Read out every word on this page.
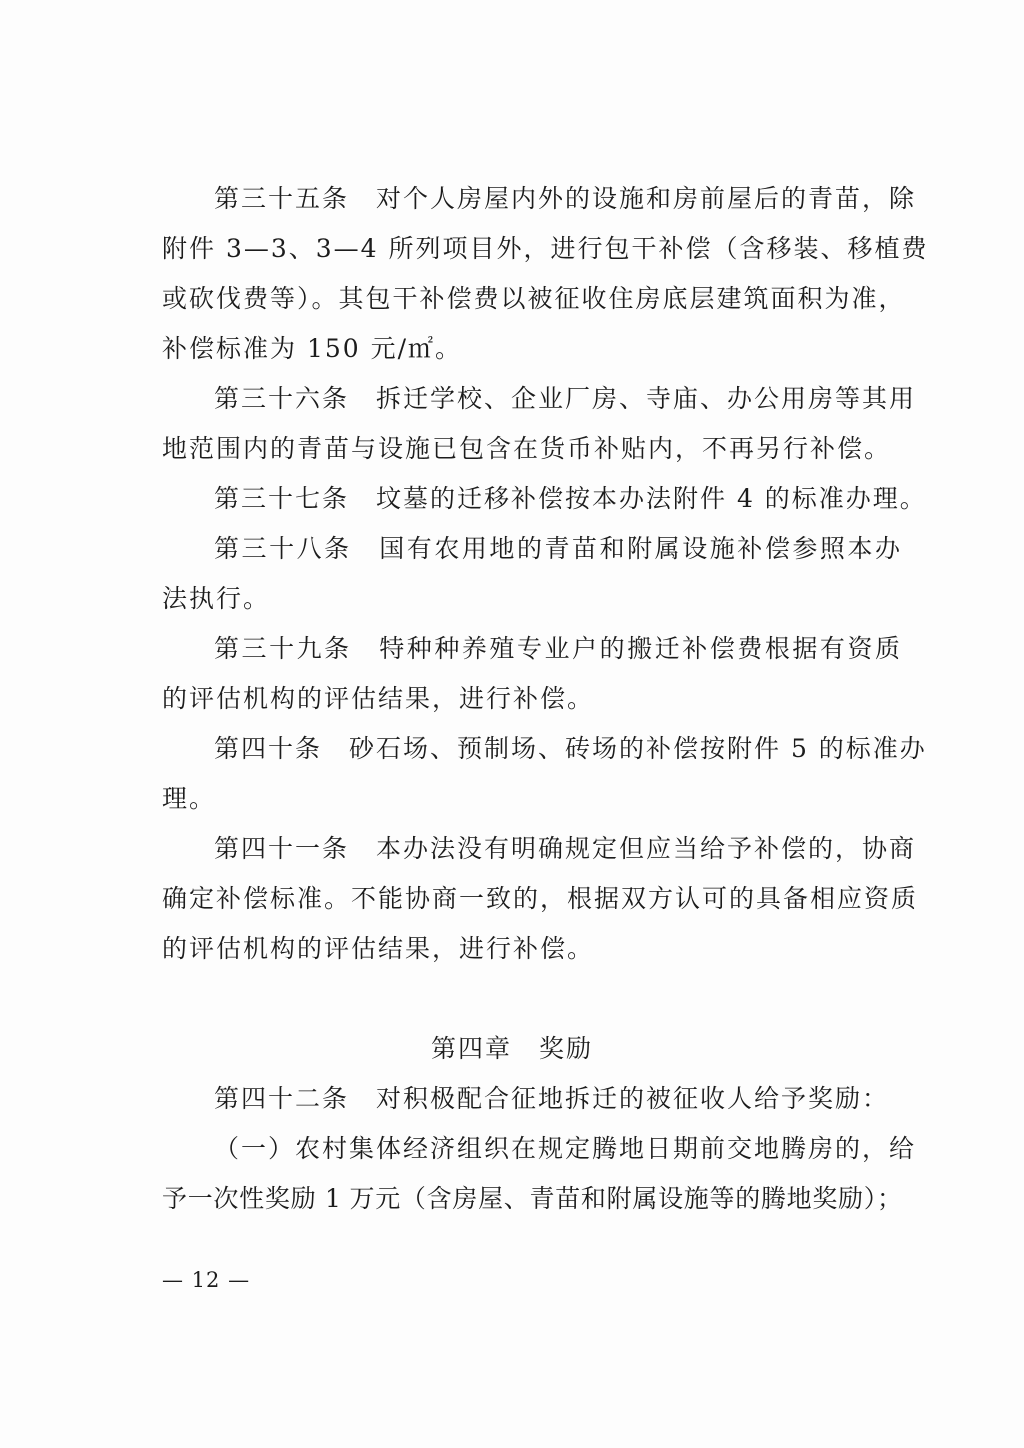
第三十五条　对个人房屋内外的设施和房前屋后的青苗，除
附件 3—3、3—4 所列项目外，进行包干补偿（含移装、移植费
或砍伐费等）。其包干补偿费以被征收住房底层建筑面积为准，
补偿标准为 150 元/㎡。
第三十六条　拆迁学校、企业厂房、寺庙、办公用房等其用
地范围内的青苗与设施已包含在货币补贴内，不再另行补偿。
第三十七条　坟墓的迁移补偿按本办法附件 4 的标准办理。
第三十八条　国有农用地的青苗和附属设施补偿参照本办
法执行。
第三十九条　特种种养殖专业户的搬迁补偿费根据有资质
的评估机构的评估结果，进行补偿。
第四十条　砂石场、预制场、砖场的补偿按附件 5 的标准办
理。
第四十一条　本办法没有明确规定但应当给予补偿的，协商
确定补偿标准。不能协商一致的，根据双方认可的具备相应资质
的评估机构的评估结果，进行补偿。
第四章　奖励
第四十二条　对积极配合征地拆迁的被征收人给予奖励：
（一）农村集体经济组织在规定腾地日期前交地腾房的，给
予一次性奖励 1 万元（含房屋、青苗和附属设施等的腾地奖励）；
— 12 —
